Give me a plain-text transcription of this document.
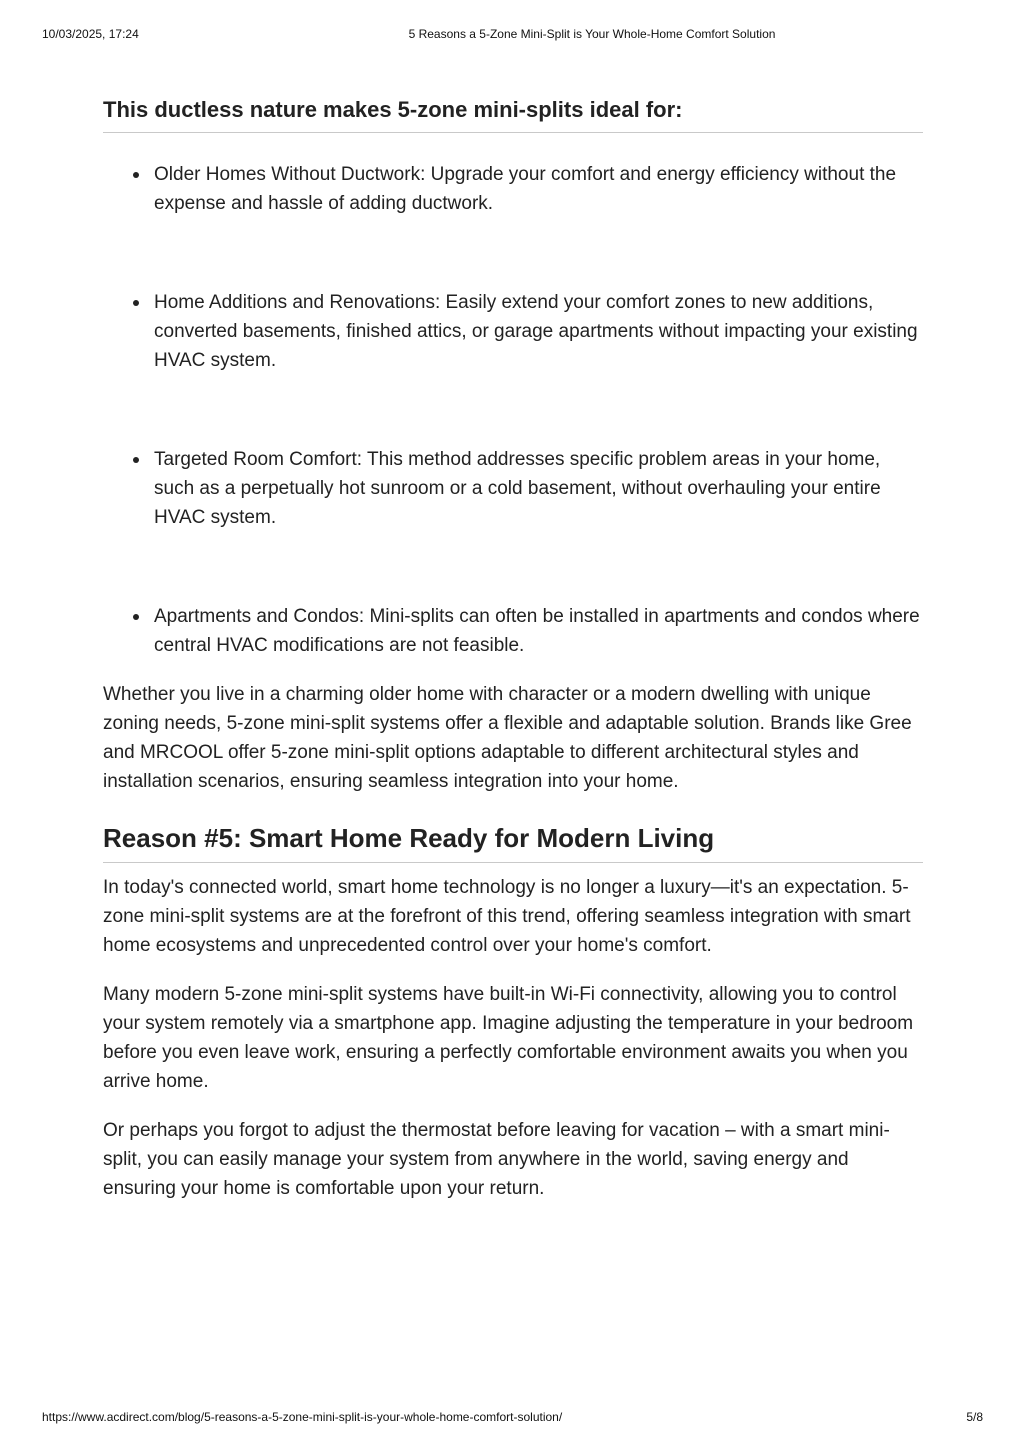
10/03/2025, 17:24	5 Reasons a 5-Zone Mini-Split is Your Whole-Home Comfort Solution
This ductless nature makes 5-zone mini-splits ideal for:
Older Homes Without Ductwork: Upgrade your comfort and energy efficiency without the expense and hassle of adding ductwork.
Home Additions and Renovations: Easily extend your comfort zones to new additions, converted basements, finished attics, or garage apartments without impacting your existing HVAC system.
Targeted Room Comfort: This method addresses specific problem areas in your home, such as a perpetually hot sunroom or a cold basement, without overhauling your entire HVAC system.
Apartments and Condos: Mini-splits can often be installed in apartments and condos where central HVAC modifications are not feasible.

Whether you live in a charming older home with character or a modern dwelling with unique zoning needs, 5-zone mini-split systems offer a flexible and adaptable solution. Brands like Gree and MRCOOL offer 5-zone mini-split options adaptable to different architectural styles and installation scenarios, ensuring seamless integration into your home.

Reason #5: Smart Home Ready for Modern Living

In today's connected world, smart home technology is no longer a luxury—it's an expectation. 5-zone mini-split systems are at the forefront of this trend, offering seamless integration with smart home ecosystems and unprecedented control over your home's comfort.

Many modern 5-zone mini-split systems have built-in Wi-Fi connectivity, allowing you to control your system remotely via a smartphone app. Imagine adjusting the temperature in your bedroom before you even leave work, ensuring a perfectly comfortable environment awaits you when you arrive home.

Or perhaps you forgot to adjust the thermostat before leaving for vacation – with a smart mini-split, you can easily manage your system from anywhere in the world, saving energy and ensuring your home is comfortable upon your return.

https://www.acdirect.com/blog/5-reasons-a-5-zone-mini-split-is-your-whole-home-comfort-solution/	5/8
